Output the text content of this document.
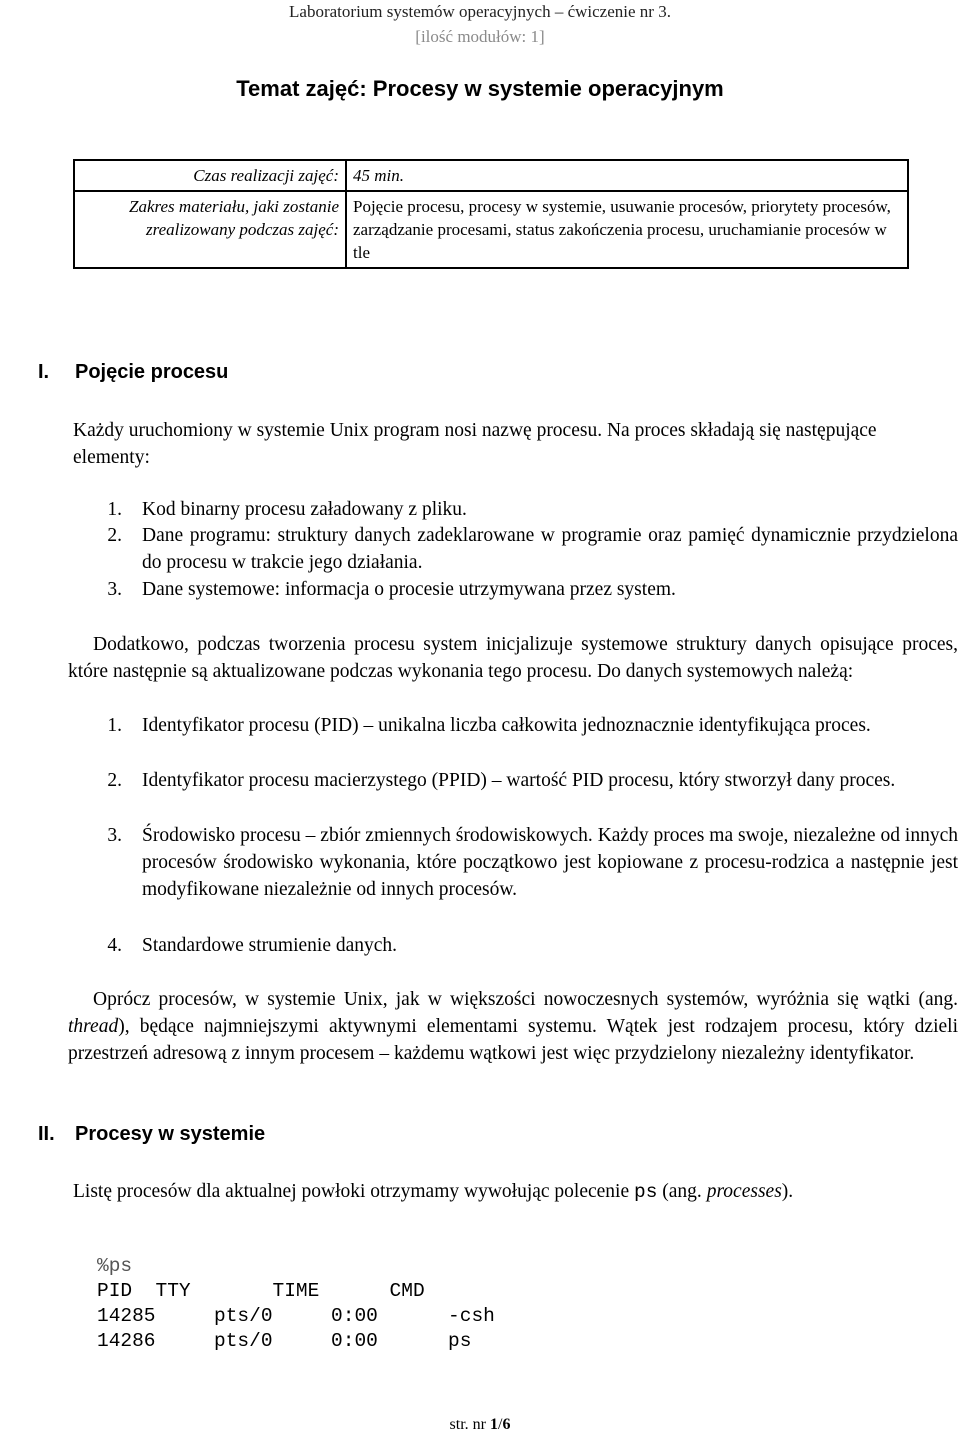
Laboratorium systemów operacyjnych – ćwiczenie nr 3.
[ilość modułów: 1]
Temat zajęć: Procesy w systemie operacyjnym
Czas realizacji zajęć:	45 min.

Zakres materiału, jaki zostanie
zrealizowany podczas zajęć:	Pojęcie procesu, procesy w systemie, usuwanie procesów, priorytety procesów, zarządzanie procesami, status zakończenia procesu, uruchamianie procesów w tle
I. Pojęcie procesu
Każdy uruchomiony w systemie Unix program nosi nazwę procesu. Na proces składają się następujące elementy:
1. Kod binarny procesu załadowany z pliku.
2. Dane programu: struktury danych zadeklarowane w programie oraz pamięć dynamicznie przydzielona do procesu w trakcie jego działania.
3. Dane systemowe: informacja o procesie utrzymywana przez system.
Dodatkowo, podczas tworzenia procesu system inicjalizuje systemowe struktury danych opisujące proces, które następnie są aktualizowane podczas wykonania tego procesu. Do danych systemowych należą:
1. Identyfikator procesu (PID) – unikalna liczba całkowita jednoznacznie identyfikująca proces.
2. Identyfikator procesu macierzystego (PPID) – wartość PID procesu, który stworzył dany proces.
3. Środowisko procesu – zbiór zmiennych środowiskowych. Każdy proces ma swoje, niezależne od innych procesów środowisko wykonania, które początkowo jest kopiowane z procesu-rodzica a następnie jest modyfikowane niezależnie od innych procesów.
4. Standardowe strumienie danych.
Oprócz procesów, w systemie Unix, jak w większości nowoczesnych systemów, wyróżnia się wątki (ang. thread), będące najmniejszymi aktywnymi elementami systemu. Wątek jest rodzajem procesu, który dzieli przestrzeń adresową z innym procesem – każdemu wątkowi jest więc przydzielony niezależny identyfikator.
II. Procesy w systemie
Listę procesów dla aktualnej powłoki otrzymamy wywołując polecenie ps (ang. processes).
%ps
PID  TTY       TIME      CMD
14285     pts/0     0:00      -csh
14286     pts/0     0:00      ps
str. nr 1/6
